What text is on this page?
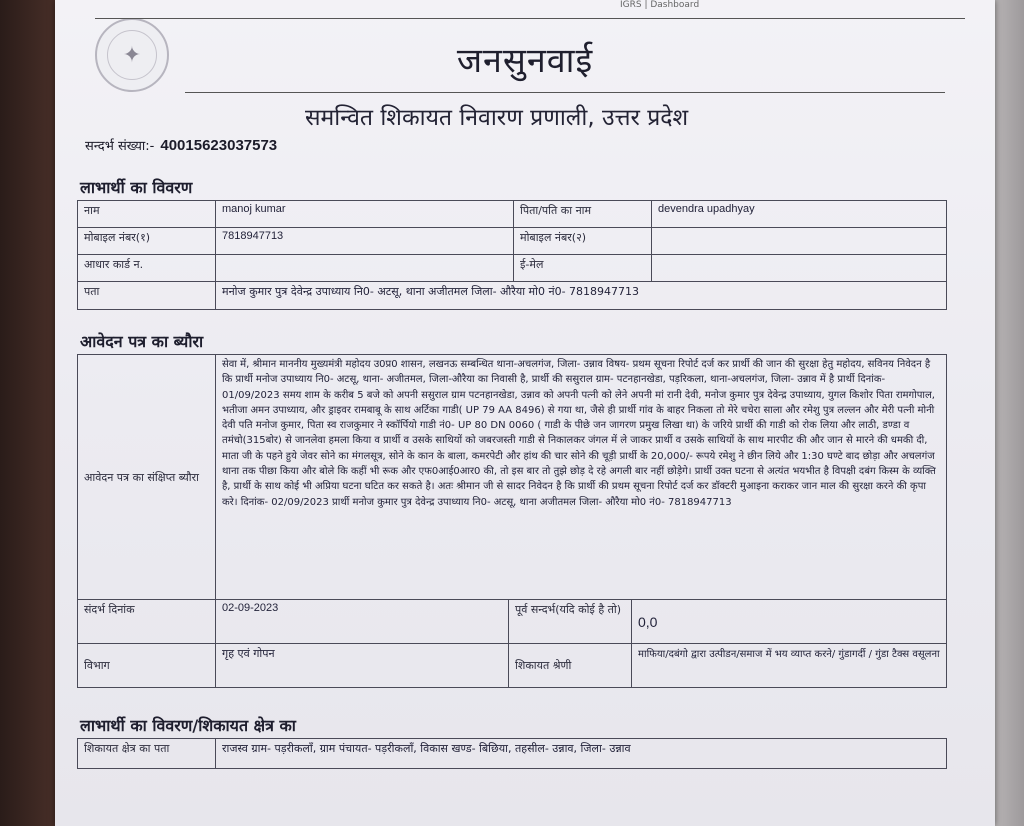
IGRS | Dashboard
✦	जनसुनवाई
समन्वित शिकायत निवारण प्रणाली, उत्तर प्रदेश
सन्दर्भ संख्या:- 40015623037573
लाभार्थी का विवरण
नाम	manoj kumar	पिता/पति का नाम	devendra upadhyay
मोबाइल नंबर(१)	7818947713	मोबाइल नंबर(२)	
आधार कार्ड न.		ई-मेल	
पता	मनोज कुमार पुत्र देवेन्द्र उपाध्याय नि0- अटसू, थाना अजीतमल जिला- औरैया मो0 नं0- 7818947713		
आवेदन पत्र का ब्यौरा
आवेदन पत्र का संक्षिप्त ब्यौरा	सेवा में, श्रीमान माननीय मुख्यमंत्री महोदय उ0प्र0 शासन, लखनऊ सम्बन्धित थाना-अचलगंज, जिला- उन्नाव विषय- प्रथम सूचना रिपोर्ट दर्ज कर प्रार्थी की जान की सुरक्षा हेतु महोदय, सविनय निवेदन है कि प्रार्थी मनोज उपाध्याय नि0- अटसू, थाना- अजीतमल, जिला-औरैया का निवासी है, प्रार्थी की ससुराल ग्राम- पटनहानखेडा, पड़रिकला, थाना-अचलगंज, जिला- उन्नाव में है प्रार्थी दिनांक- 01/09/2023 समय शाम के करीब 5 बजे को अपनी ससुराल ग्राम पटनहानखेडा, उन्नाव को अपनी पत्नी को लेने अपनी मां रानी देवी, मनोज कुमार पुत्र देवेन्द्र उपाध्याय, युगल किशोर पिता रामगोपाल, भतीजा अमन उपाध्याय, और ड्राइवर रामबाबू के साथ अर्टिका गाडी( UP 79 AA 8496) से गया था, जैसे ही प्रार्थी गांव के बाहर निकला तो मेरे चचेरा साला और रमेशु पुत्र लल्लन और मेरी पत्नी मोनी देवी पति मनोज कुमार, पिता स्व राजकुमार ने स्कॉर्पियो गाडी नं0- UP 80 DN 0060 ( गाडी के पीछे जन जागरण प्रमुख लिखा था) के जरिये प्रार्थी की गाडी को रोक लिया और लाठी, डण्डा व तमंचो(315बोर) से जानलेवा हमला किया व प्रार्थी व उसके साथियों को जबरजस्ती गाडी से निकालकर जंगल में ले जाकर प्रार्थी व उसके साथियों के साथ मारपीट की और जान से मारने की धमकी दी, माता जी के पहने हुये जेवर सोने का मंगलसूत्र, सोने के कान के बाला, कमरपेटी और हांथ की चार सोने की चूड़ी प्रार्थी के 20,000/- रूपये रमेशु ने छीन लिये और 1:30 घण्टे बाद छोड़ा और अचलगंज थाना तक पीछा किया और बोले कि कहीं भी रूक और एफ0आई0आर0 की, तो इस बार तो तुझे छोड़ दे रहे अगली बार नहीं छोड़ेगे। प्रार्थी उक्त घटना से अत्यंत भयभीत है विपक्षी दबंग किस्म के व्यक्ति है, प्रार्थी के साथ कोई भी अप्रिया घटना घटित कर सकते है। अतः श्रीमान जी से सादर निवेदन है कि प्रार्थी की प्रथम सूचना रिपोर्ट दर्ज कर डॉक्टरी मुआइना कराकर जान माल की सुरक्षा करने की कृपा करे। दिनांक- 02/09/2023 प्रार्थी मनोज कुमार पुत्र देवेन्द्र उपाध्याय नि0- अटसू, थाना अजीतमल जिला- औरैया मो0 नं0- 7818947713		
संदर्भ दिनांक	02-09-2023	पूर्व सन्दर्भ(यदि कोई है तो)	0,0
विभाग	गृह एवं गोपन	शिकायत श्रेणी	माफिया/दबंगो द्वारा उत्पीडन/समाज में भय व्याप्त करने/ गुंडागर्दी / गुंडा टैक्स वसूलना
लाभार्थी का विवरण/शिकायत क्षेत्र का
शिकायत क्षेत्र का पता	राजस्व ग्राम- पड़रीकलाँ, ग्राम पंचायत- पड़रीकलाँ, विकास खण्ड- बिछिया, तहसील- उन्नाव, जिला- उन्नाव
